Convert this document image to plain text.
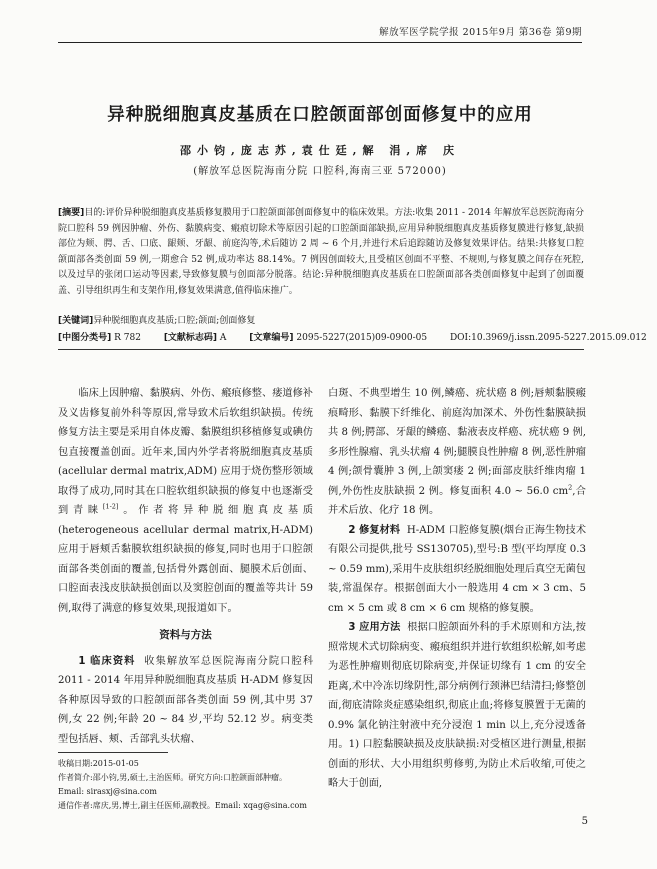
解放军医学院学报 2015年9月 第36卷 第9期
异种脱细胞真皮基质在口腔颌面部创面修复中的应用
邵小钧,庞志苏,袁仕廷,解 涓,席 庆
(解放军总医院海南分院 口腔科,海南三亚 572000)
[摘要]目的:评价异种脱细胞真皮基质修复膜用于口腔颌面部创面修复中的临床效果。方法:收集 2011 - 2014 年解放军总医院海南分院口腔科 59 例因肿瘤、外伤、黏膜病变、瘢痕切除术等原因引起的口腔颌面部缺损,应用异种脱细胞真皮基质修复膜进行修复,缺损部位为颊、腭、舌、口底、龈颊、牙龈、前庭沟等,术后随访 2 周 ~ 6 个月,并进行术后追踪随访及修复效果评估。结果:共修复口腔颌面部各类创面 59 例,一期愈合 52 例,成功率达 88.14%。7 例因创面较大,且受植区创面不平整、不规则,与修复膜之间存在死腔,以及过早的张闭口运动等因素,导致修复膜与创面部分脱落。结论:异种脱细胞真皮基质在口腔颌面部各类创面修复中起到了创面覆盖、引导组织再生和支架作用,修复效果满意,值得临床推广。
[关键词]异种脱细胞真皮基质;口腔;颌面;创面修复
[中图分类号] R 782	[文献标志码] A	[文章编号] 2095-5227(2015)09-0900-05	DOI:10.3969/j.issn.2095-5227.2015.09.012

临床上因肿瘤、黏膜病、外伤、瘢痕修整、瘘道修补及义齿修复前外科等原因,常导致术后软组织缺损。传统修复方法主要是采用自体皮瓣、黏膜组织移植修复或碘仿包直接覆盖创面。近年来,国内外学者将脱细胞真皮基质 (acellular dermal matrix,ADM) 应用于烧伤整形领域取得了成功,同时其在口腔软组织缺损的修复中也逐渐受到青睐[1-2]。作者将异种脱细胞真皮基质 (heterogeneous acellular dermal matrix,H-ADM) 应用于唇颊舌黏膜软组织缺损的修复,同时也用于口腔颌面部各类创面的覆盖,包括骨外露创面、腿膜术后创面、口腔面表浅皮肤缺损创面以及窦腔创面的覆盖等共计 59 例,取得了满意的修复效果,现报道如下。

资料与方法

1 临床资料 收集解放军总医院海南分院口腔科 2011 - 2014 年用异种脱细胞真皮基质 H-ADM 修复因各种原因导致的口腔颌面部各类创面 59 例,其中男 37 例,女 22 例;年龄 20 ~ 84 岁,平均 52.12 岁。病变类型包括唇、颊、舌部乳头状瘤、

收稿日期:2015-01-05

作者简介:邵小钧,男,硕士,主治医师。研究方向:口腔颌面部肿瘤。Email: sirasxj@sina.com

通信作者:席庆,男,博士,副主任医师,副教授。Email: xqag@sina.com

白斑、不典型增生 10 例,鳞癌、疣状癌 8 例;唇颊黏膜瘢痕畸形、黏膜下纤维化、前庭沟加深术、外伤性黏膜缺损共 8 例;腭部、牙龈的鳞癌、黏液表皮样癌、疣状癌 9 例,多形性腺瘤、乳头状瘤 4 例;腿膜良性肿瘤 8 例,恶性肿瘤 4 例;颌骨囊肿 3 例,上颌窦瘘 2 例;面部皮肤纤维肉瘤 1 例,外伤性皮肤缺损 2 例。修复面积 4.0 ~ 56.0 $cm^2$,合并术后放、化疗 18 例。

2 修复材料 H-ADM 口腔修复膜(烟台正海生物技术有限公司提供,批号 SS130705),型号:B 型(平均厚度 0.3 ~ 0.59 mm),采用牛皮肤组织经脱细胞处理后真空无菌包装,常温保存。根据创面大小一般选用 4 cm × 3 cm、5 cm × 5 cm 或 8 cm × 6 cm 规格的修复膜。

3 应用方法 根据口腔颌面外科的手术原则和方法,按照常规术式切除病变、瘢痕组织并进行软组织松解,如考虑为恶性肿瘤则彻底切除病变,并保证切缘有 1 cm 的安全距离,术中冷冻切缘阴性,部分病例行颈淋巴结清扫;修整创面,彻底清除炎症感染组织,彻底止血;将修复膜置于无菌的 0.9% 氯化钠注射液中充分浸泡 1 min 以上,充分浸透备用。1) 口腔黏膜缺损及皮肤缺损:对受植区进行测量,根据创面的形状、大小用组织剪修剪,为防止术后收缩,可使之略大于创面,

5
